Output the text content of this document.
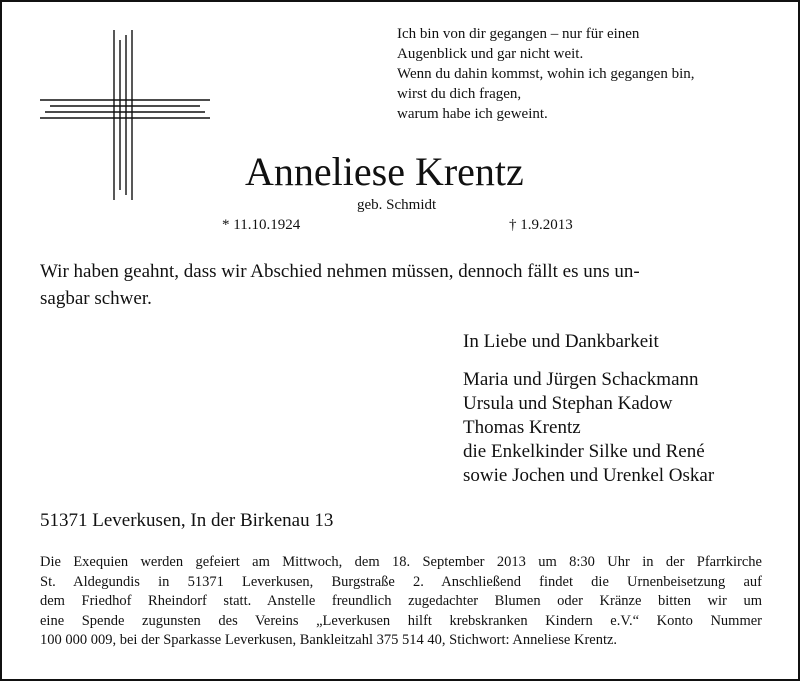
Ich bin von dir gegangen – nur für einen
Augenblick und gar nicht weit.
Wenn du dahin kommst, wohin ich gegangen bin,
wirst du dich fragen,
warum habe ich geweint.
Anneliese Krentz
geb. Schmidt
* 11.10.1924	† 1.9.2013
Wir haben geahnt, dass wir Abschied nehmen müssen, dennoch fällt es uns un-
sagbar schwer.
In Liebe und Dankbarkeit
Maria und Jürgen Schackmann
Ursula und Stephan Kadow
Thomas Krentz
die Enkelkinder Silke und René
sowie Jochen und Urenkel Oskar
51371 Leverkusen, In der Birkenau 13
Die Exequien werden gefeiert am Mittwoch, dem 18. September 2013 um 8:30 Uhr in der Pfarrkirche
St. Aldegundis in 51371 Leverkusen, Burgstraße 2. Anschließend findet die Urnenbeisetzung auf
dem Friedhof Rheindorf statt. Anstelle freundlich zugedachter Blumen oder Kränze bitten wir um
eine Spende zugunsten des Vereins „Leverkusen hilft krebskranken Kindern e.V.“ Konto Nummer
100 000 009, bei der Sparkasse Leverkusen, Bankleitzahl 375 514 40, Stichwort: Anneliese Krentz.
